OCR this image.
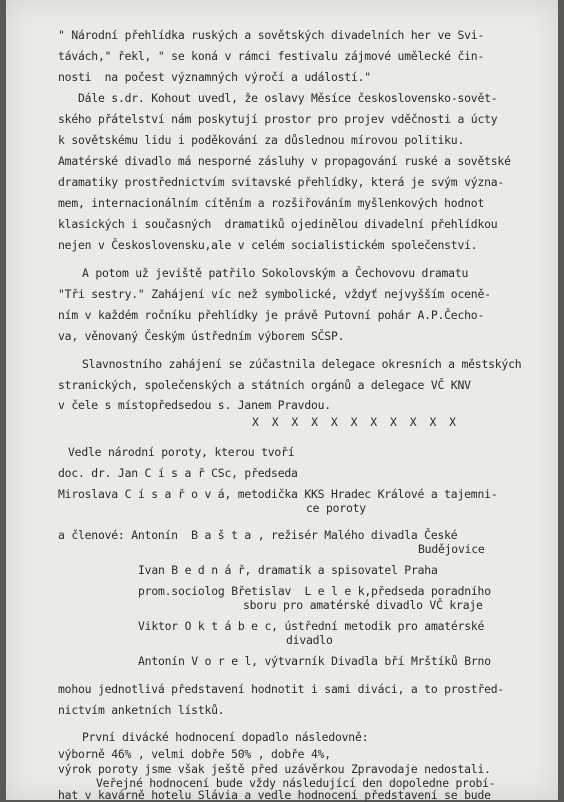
" Národní přehlídka ruských a sovětských divadelních her ve Svi-
távách," řekl, " se koná v rámci festivalu zájmové umělecké čin-
nosti  na počest významných výročí a událostí."
Dále s.dr. Kohout uvedl, že oslavy Měsíce československo-sovět-
ského přátelství nám poskytují prostor pro projev vděčnosti a úcty
k sovětskému lidu i poděkování za důslednou mírovou politiku.
Amatérské divadlo má nesporné zásluhy v propagování ruské a sovětské
dramatiky prostřednictvím svitavské přehlídky, která je svým význa-
mem, internacionálním cítěním a rozšiřováním myšlenkových hodnot
klasických i současných  dramatiků ojedinělou divadelní přehlídkou
nejen v Československu,ale v celém socialistickém společenství.
A potom už jeviště patřilo Sokolovským a Čechovovu dramatu
"Tři sestry." Zahájení víc než symbolické, vždyť nejvyšším oceně-
ním v každém ročníku přehlídky je právě Putovní pohár A.P.Čecho-
va, věnovaný Českým ústředním výborem SČSP.
Slavnostního zahájení se zúčastnila delegace okresních a městských
stranických, společenských a státních orgánů a delegace VČ KNV
v čele s místopředsedou s. Janem Pravdou.
X X X X X X X X X X X
Vedle národní poroty, kterou tvoří
doc. dr. Jan C í s a ř CSc, předseda
Miroslava C í s a ř o v á, metodička KKS Hradec Králové a tajemni-
ce poroty
a členové: Antonín  B a š t a , režisér Malého divadla České
Budějovice
Ivan B e d n á ř, dramatik a spisovatel Praha
prom.sociolog Břetislav  L e l e k,předseda poradního
sboru pro amatérské divadlo VČ kraje
Viktor O k t á b e c, ústřední metodik pro amatérské
divadlo
Antonín V o r e l, výtvarník Divadla bří Mrštíků Brno
mohou jednotlivá představení hodnotit i sami diváci, a to prostřed-
nictvím anketních lístků.
První divácké hodnocení dopadlo následovně:
výborně 46% , velmi dobře 50% , dobře 4%,
výrok poroty jsme však ještě před uzávěrkou Zpravodaje nedostali.
Veřejné hodnocení bude vždy následující den dopoledne probí-
hat v kavárně hotelu Slávia a vedle hodnocení představení se bude
